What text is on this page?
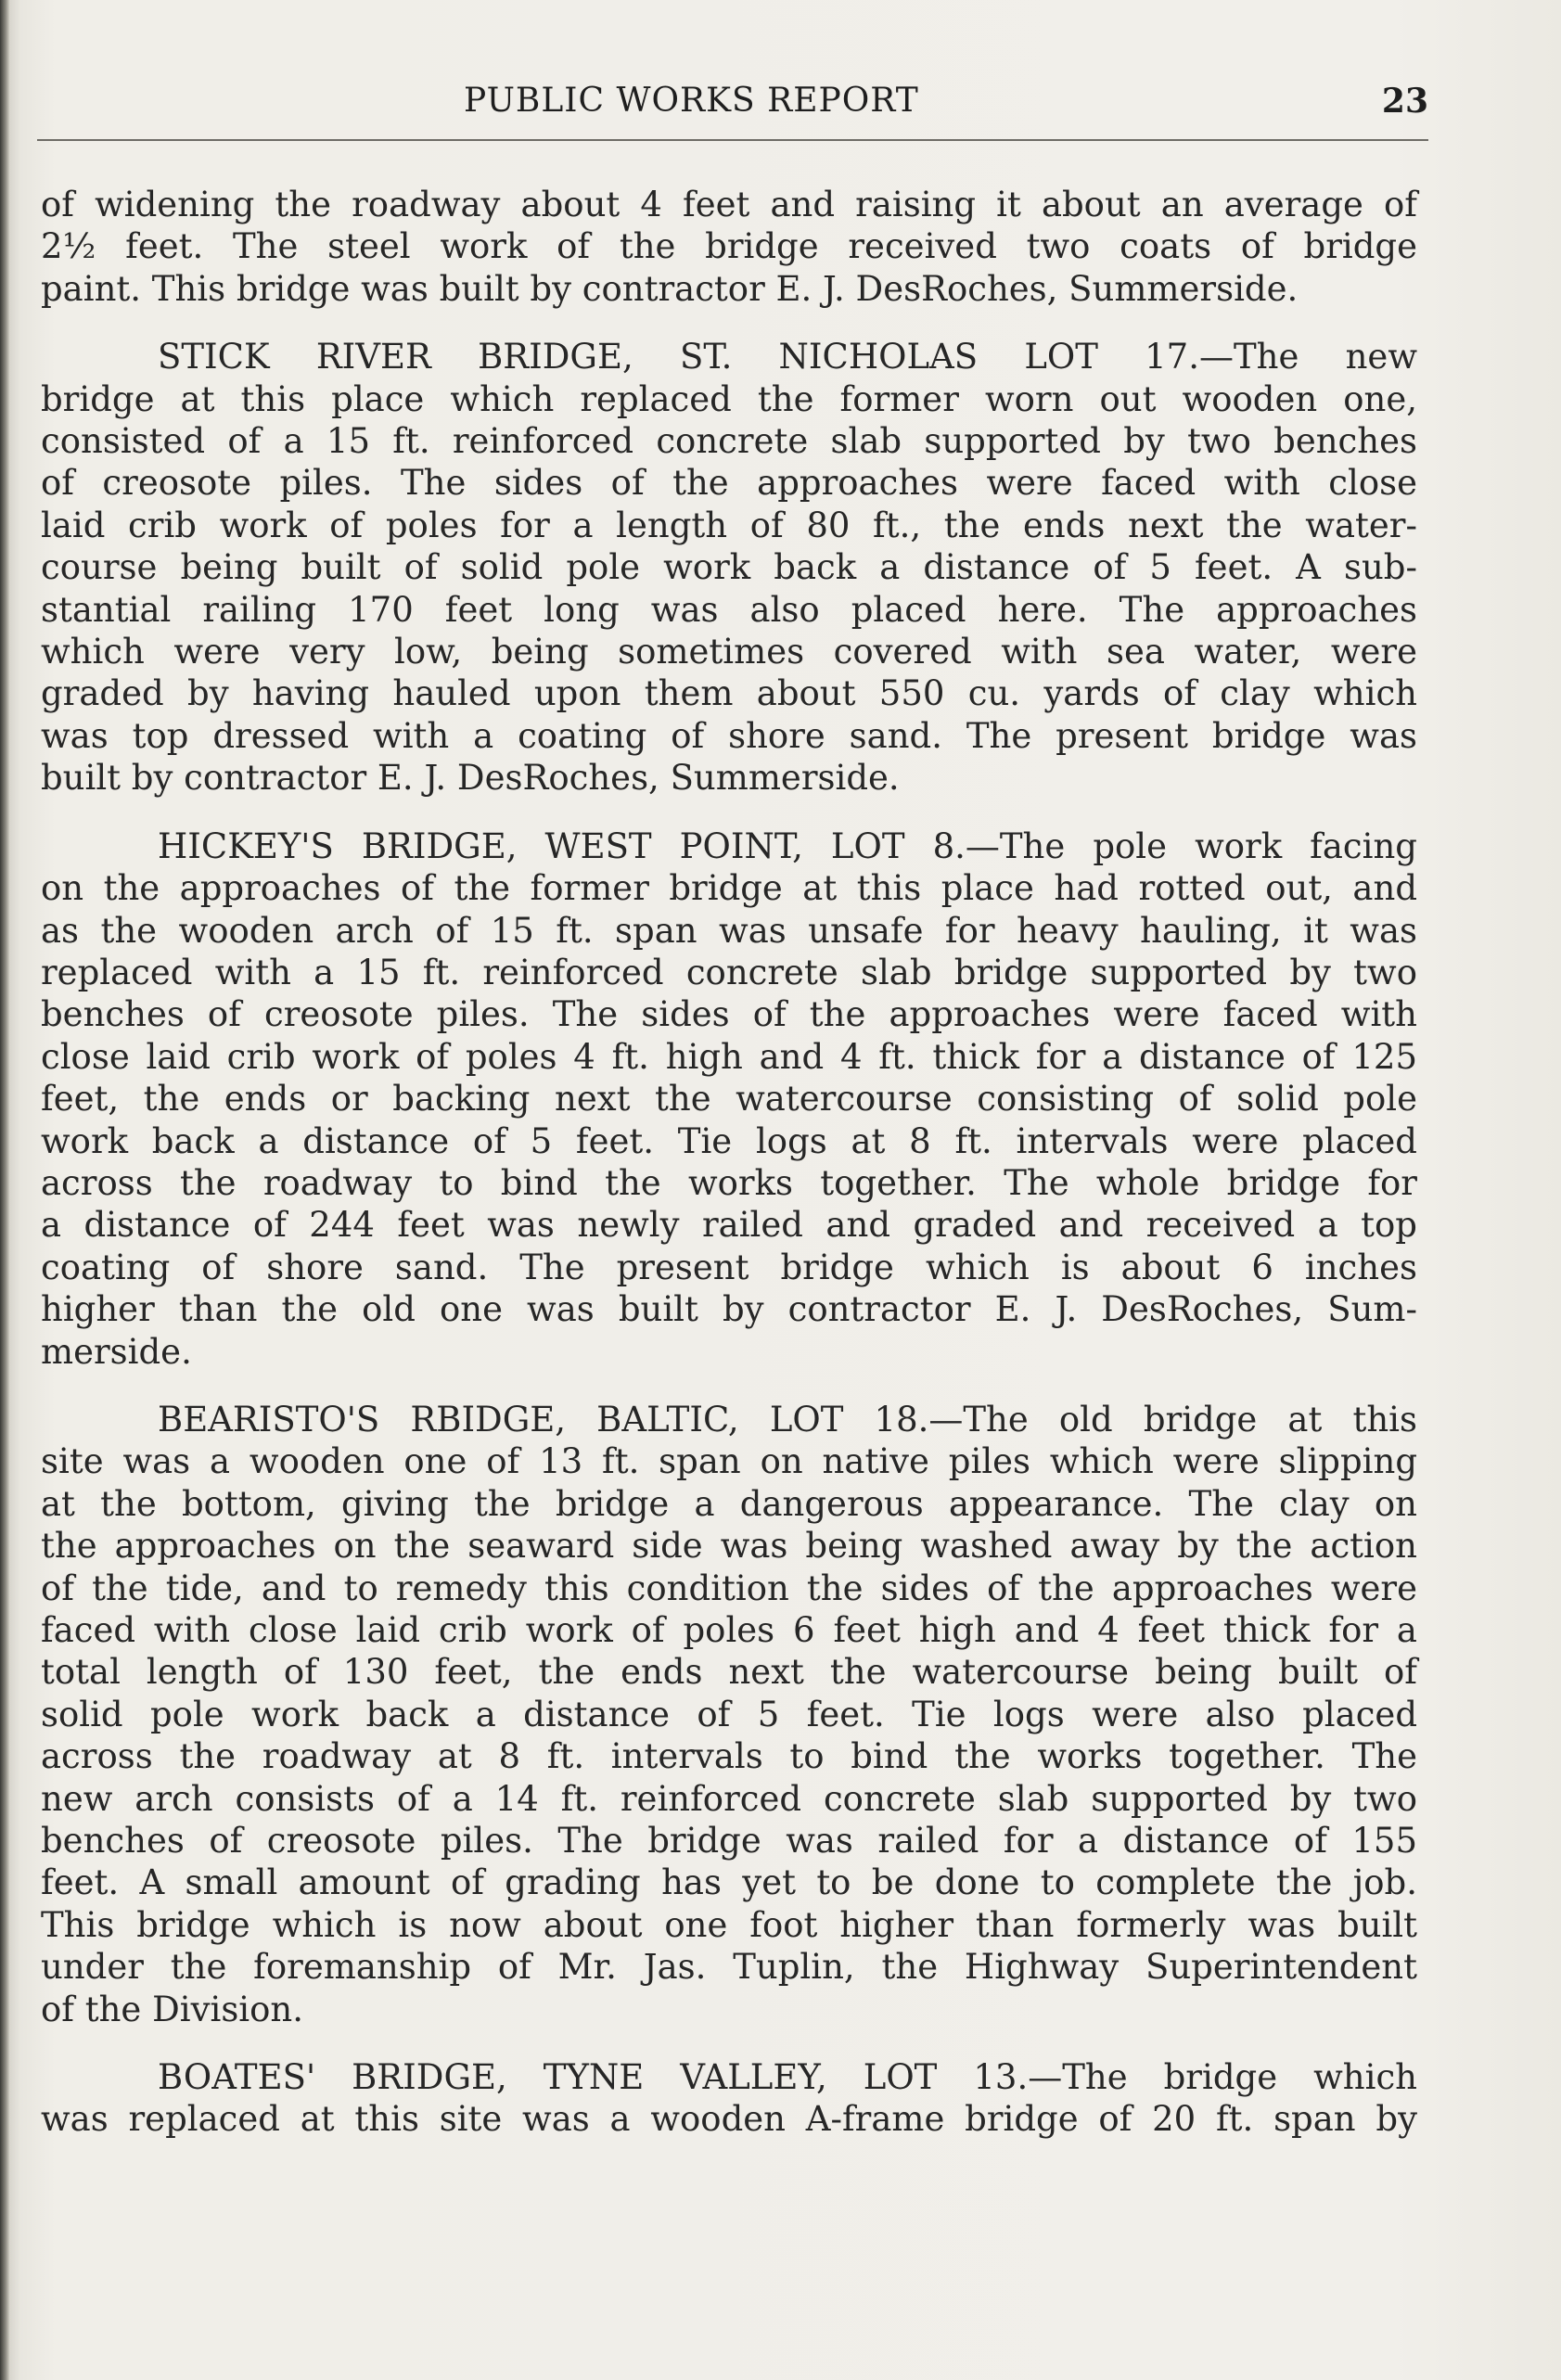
PUBLIC WORKS REPORT	23
of widening the roadway about 4 feet and raising it about an average of
2½ feet. The steel work of the bridge received two coats of bridge
paint. This bridge was built by contractor E. J. DesRoches, Summerside.
STICK RIVER BRIDGE, ST. NICHOLAS LOT 17.—The new
bridge at this place which replaced the former worn out wooden one,
consisted of a 15 ft. reinforced concrete slab supported by two benches
of creosote piles. The sides of the approaches were faced with close
laid crib work of poles for a length of 80 ft., the ends next the water-
course being built of solid pole work back a distance of 5 feet. A sub-
stantial railing 170 feet long was also placed here. The approaches
which were very low, being sometimes covered with sea water, were
graded by having hauled upon them about 550 cu. yards of clay which
was top dressed with a coating of shore sand. The present bridge was
built by contractor E. J. DesRoches, Summerside.
HICKEY'S BRIDGE, WEST POINT, LOT 8.—The pole work facing
on the approaches of the former bridge at this place had rotted out, and
as the wooden arch of 15 ft. span was unsafe for heavy hauling, it was
replaced with a 15 ft. reinforced concrete slab bridge supported by two
benches of creosote piles. The sides of the approaches were faced with
close laid crib work of poles 4 ft. high and 4 ft. thick for a distance of 125
feet, the ends or backing next the watercourse consisting of solid pole
work back a distance of 5 feet. Tie logs at 8 ft. intervals were placed
across the roadway to bind the works together. The whole bridge for
a distance of 244 feet was newly railed and graded and received a top
coating of shore sand. The present bridge which is about 6 inches
higher than the old one was built by contractor E. J. DesRoches, Sum-
merside.
BEARISTO'S RBIDGE, BALTIC, LOT 18.—The old bridge at this
site was a wooden one of 13 ft. span on native piles which were slipping
at the bottom, giving the bridge a dangerous appearance. The clay on
the approaches on the seaward side was being washed away by the action
of the tide, and to remedy this condition the sides of the approaches were
faced with close laid crib work of poles 6 feet high and 4 feet thick for a
total length of 130 feet, the ends next the watercourse being built of
solid pole work back a distance of 5 feet. Tie logs were also placed
across the roadway at 8 ft. intervals to bind the works together. The
new arch consists of a 14 ft. reinforced concrete slab supported by two
benches of creosote piles. The bridge was railed for a distance of 155
feet. A small amount of grading has yet to be done to complete the job.
This bridge which is now about one foot higher than formerly was built
under the foremanship of Mr. Jas. Tuplin, the Highway Superintendent
of the Division.
BOATES' BRIDGE, TYNE VALLEY, LOT 13.—The bridge which
was replaced at this site was a wooden A-frame bridge of 20 ft. span by
